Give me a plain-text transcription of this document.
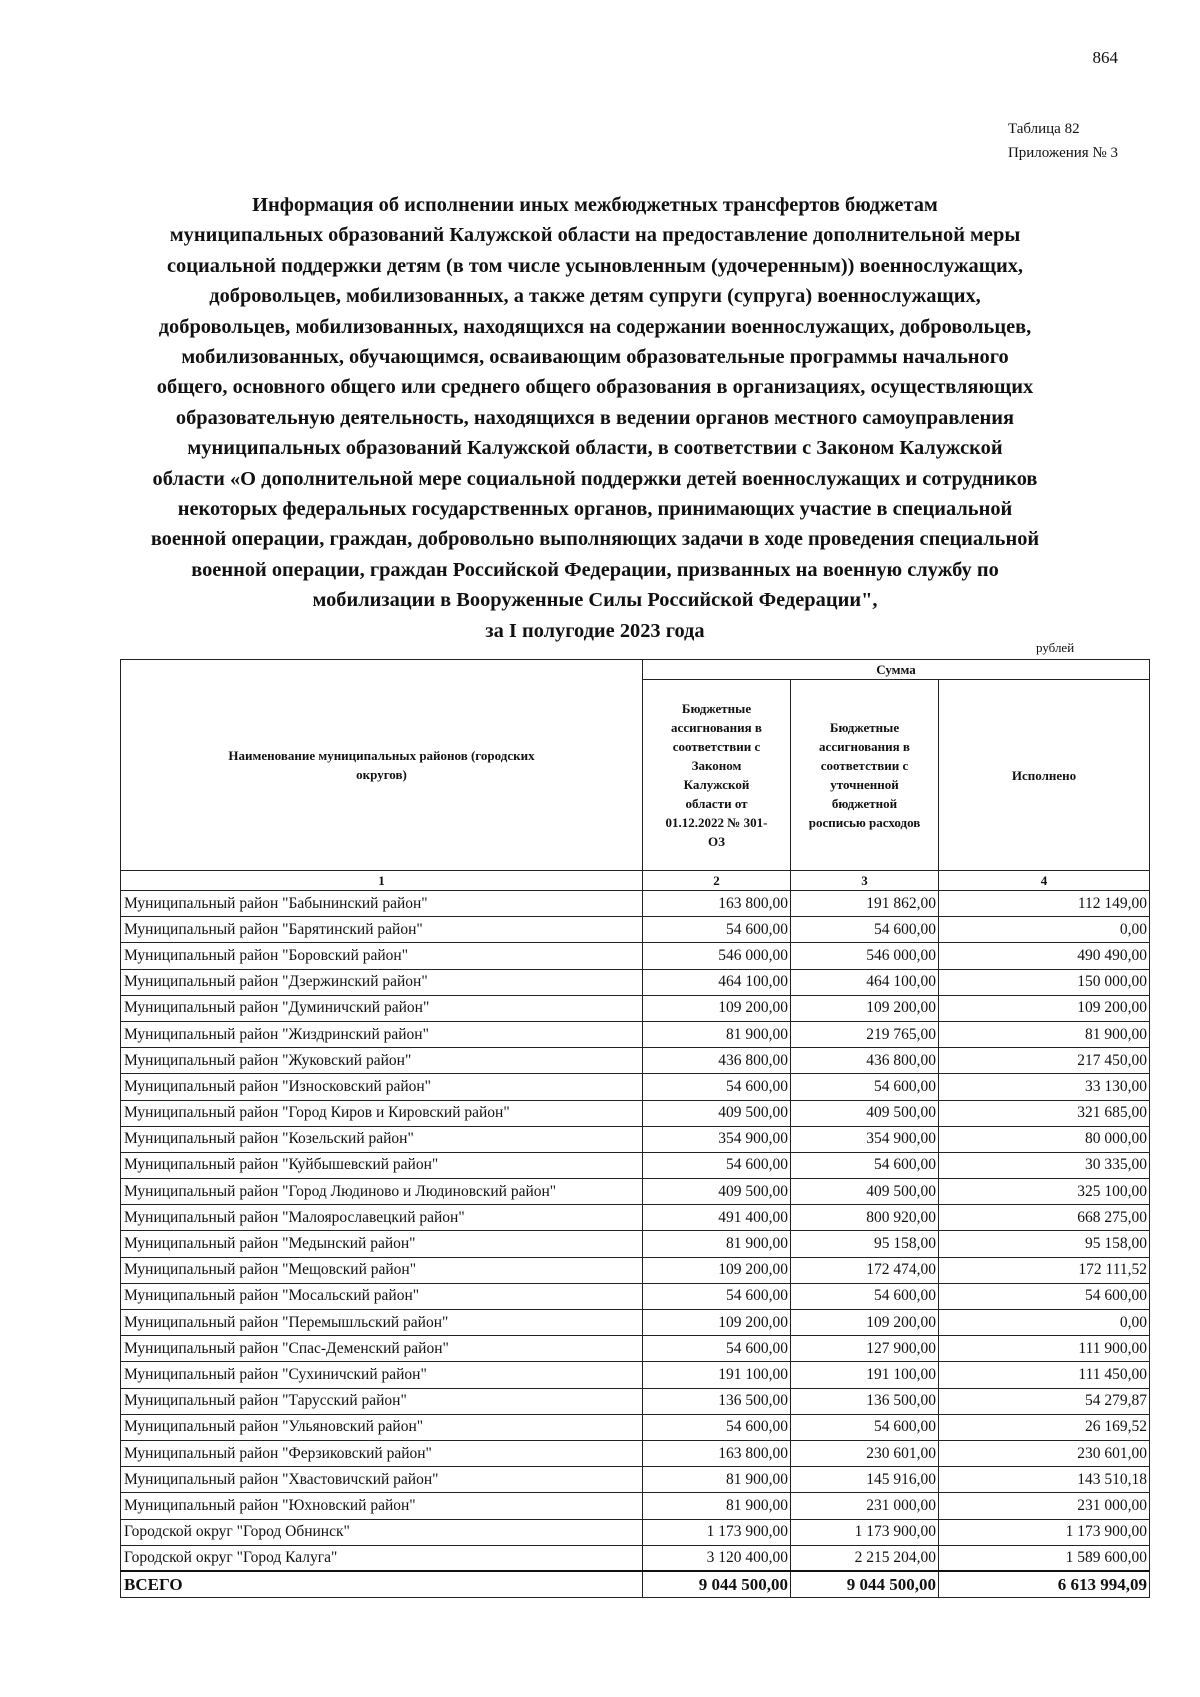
864
Таблица 82
Приложения № 3
Информация об исполнении иных межбюджетных трансфертов бюджетам
муниципальных образований Калужской области на предоставление дополнительной меры
социальной поддержки детям (в том числе усыновленным (удочеренным)) военнослужащих,
добровольцев, мобилизованных, а также детям супруги (супруга) военнослужащих,
добровольцев, мобилизованных, находящихся на содержании военнослужащих, добровольцев,
мобилизованных, обучающимся, осваивающим образовательные программы начального
общего, основного общего или среднего общего образования в организациях, осуществляющих
образовательную деятельность, находящихся в ведении органов местного самоуправления
муниципальных образований Калужской области, в соответствии с Законом Калужской
области «О дополнительной мере социальной поддержки детей военнослужащих и сотрудников
некоторых федеральных государственных органов, принимающих участие в специальной
военной операции, граждан, добровольно выполняющих задачи в ходе проведения специальной
военной операции, граждан Российской Федерации, призванных на военную службу по
мобилизации в Вооруженные Силы Российской Федерации",
за I полугодие 2023 года
рублей
Наименование муниципальных районов (городских округов)	Сумма		
	Бюджетные ассигнования в соответствии с Законом Калужской области от 01.12.2022 № 301-ОЗ	Бюджетные ассигнования в соответствии с уточненной бюджетной росписью расходов	Исполнено
1	2	3	4
Муниципальный район "Бабынинский район"	163 800,00	191 862,00	112 149,00
Муниципальный район "Барятинский район"	54 600,00	54 600,00	0,00
Муниципальный район "Боровский район"	546 000,00	546 000,00	490 490,00
Муниципальный район "Дзержинский район"	464 100,00	464 100,00	150 000,00
Муниципальный район "Думиничский район"	109 200,00	109 200,00	109 200,00
Муниципальный район "Жиздринский район"	81 900,00	219 765,00	81 900,00
Муниципальный район "Жуковский район"	436 800,00	436 800,00	217 450,00
Муниципальный район "Износковский район"	54 600,00	54 600,00	33 130,00
Муниципальный район "Город Киров и Кировский район"	409 500,00	409 500,00	321 685,00
Муниципальный район "Козельский район"	354 900,00	354 900,00	80 000,00
Муниципальный район "Куйбышевский район"	54 600,00	54 600,00	30 335,00
Муниципальный район "Город Людиново и Людиновский район"	409 500,00	409 500,00	325 100,00
Муниципальный район "Малоярославецкий район"	491 400,00	800 920,00	668 275,00
Муниципальный район "Медынский район"	81 900,00	95 158,00	95 158,00
Муниципальный район "Мещовский район"	109 200,00	172 474,00	172 111,52
Муниципальный район "Мосальский район"	54 600,00	54 600,00	54 600,00
Муниципальный район "Перемышльский район"	109 200,00	109 200,00	0,00
Муниципальный район "Спас-Деменский район"	54 600,00	127 900,00	111 900,00
Муниципальный район "Сухиничский район"	191 100,00	191 100,00	111 450,00
Муниципальный район "Тарусский район"	136 500,00	136 500,00	54 279,87
Муниципальный район "Ульяновский район"	54 600,00	54 600,00	26 169,52
Муниципальный район "Ферзиковский район"	163 800,00	230 601,00	230 601,00
Муниципальный район "Хвастовичский район"	81 900,00	145 916,00	143 510,18
Муниципальный район "Юхновский район"	81 900,00	231 000,00	231 000,00
Городской округ "Город Обнинск"	1 173 900,00	1 173 900,00	1 173 900,00
Городской округ "Город Калуга"	3 120 400,00	2 215 204,00	1 589 600,00
ВСЕГО	9 044 500,00	9 044 500,00	6 613 994,09
